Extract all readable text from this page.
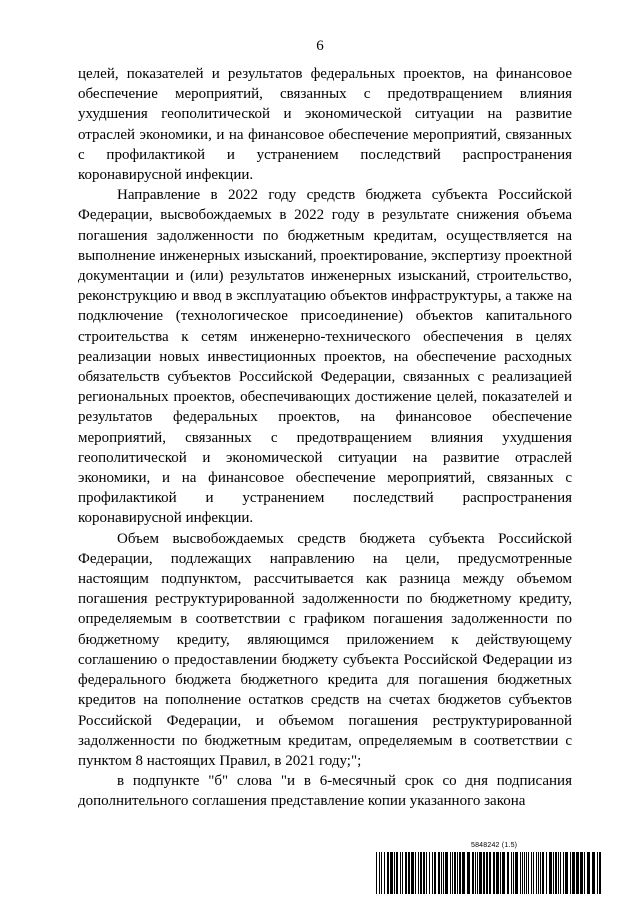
6

целей, показателей и результатов федеральных проектов, на финансовое обеспечение мероприятий, связанных с предотвращением влияния ухудшения геополитической и экономической ситуации на развитие отраслей экономики, и на финансовое обеспечение мероприятий, связанных с профилактикой и устранением последствий распространения коронавирусной инфекции.

Направление в 2022 году средств бюджета субъекта Российской Федерации, высвобождаемых в 2022 году в результате снижения объема погашения задолженности по бюджетным кредитам, осуществляется на выполнение инженерных изысканий, проектирование, экспертизу проектной документации и (или) результатов инженерных изысканий, строительство, реконструкцию и ввод в эксплуатацию объектов инфраструктуры, а также на подключение (технологическое присоединение) объектов капитального строительства к сетям инженерно-технического обеспечения в целях реализации новых инвестиционных проектов, на обеспечение расходных обязательств субъектов Российской Федерации, связанных с реализацией региональных проектов, обеспечивающих достижение целей, показателей и результатов федеральных проектов, на финансовое обеспечение мероприятий, связанных с предотвращением влияния ухудшения геополитической и экономической ситуации на развитие отраслей экономики, и на финансовое обеспечение мероприятий, связанных с профилактикой и устранением последствий распространения коронавирусной инфекции.

Объем высвобождаемых средств бюджета субъекта Российской Федерации, подлежащих направлению на цели, предусмотренные настоящим подпунктом, рассчитывается как разница между объемом погашения реструктурированной задолженности по бюджетному кредиту, определяемым в соответствии с графиком погашения задолженности по бюджетному кредиту, являющимся приложением к действующему соглашению о предоставлении бюджету субъекта Российской Федерации из федерального бюджета бюджетного кредита для погашения бюджетных кредитов на пополнение остатков средств на счетах бюджетов субъектов Российской Федерации, и объемом погашения реструктурированной задолженности по бюджетным кредитам, определяемым в соответствии с пунктом 8 настоящих Правил, в 2021 году;";

в подпункте "б" слова "и в 6-месячный срок со дня подписания дополнительного соглашения представление копии указанного закона

5848242 (1.5)
